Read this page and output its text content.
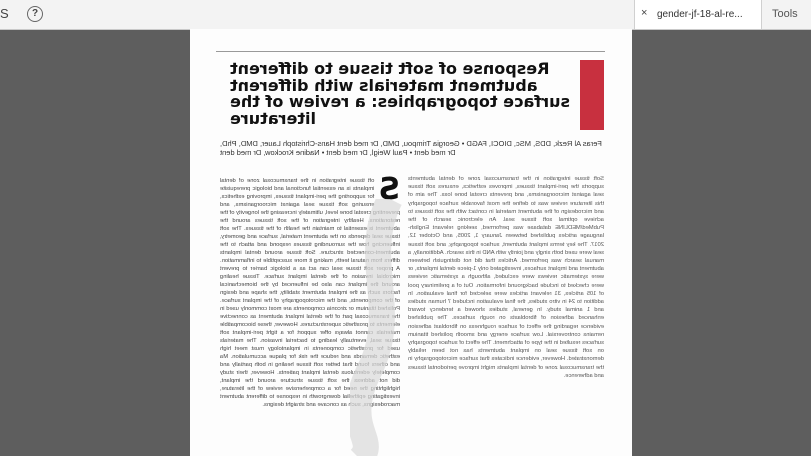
S	?	× gender-jf-18-al-re...	Tools
Response of soft tissue to different abutment materials with different surface topographies: a review of the literature
Feras Al Rezk, DDS, MSc, DIOCI, FAGD • Georgia Trimpou, DMD, Dr med dent Hans-Christoph Lauer, DMD, PhD, Dr med dent • Paul Weigl, Dr med dent • Nadine Krockow, Dr med dent
S
oft tissue integration in the transmucosal zone of dental implants is an essential functional and biologic prerequisite for supporting the peri-implant tissues, improving esthetics, ensuring soft tissue seal against microorganisms, and preventing crestal bone level, ultimately increasing the longevity of the restorations. Healthy integration of the soft tissues around the abutment is essential to maintain the health of the tissues. The soft tissue seal depends on the abutment material, surface and geometry, influencing how the surrounding tissues respond and attach to the abutment-connected structure. Soft tissue around dental implants differs from natural teeth, making it more susceptible to inflammation. A proper soft tissue seal can act as a biologic barrier to prevent microbial invasion of the dental implant surface. Tissue healing around the implant can also be influenced by the biomechanical factors such as the implant abutment stability, the shape and design of the components, and the microtopography of the implant surface. Polished titanium or zirconia components are most commonly used in the transmucosal part of the dental implant abutment as connective elements to prosthetic superstructures. However, these biocompatible materials cannot always offer support for a tight peri-implant soft tissue seal, eventually leading to bacterial invasion. The materials used for prosthetic components in implantology must meet high esthetic demands and reduce the risk for plaque accumulation. Ma and others found that better soft tissue healing in both partially and completely edentulous dental implant patients. However, their study did not address the soft tissue structure around the implant, highlighting the need for a comprehensive review of the literature, investigating epithelial downgrowth in response to different abutment macrodesigns, such as concave and straight designs.
Soft tissue integration in the transmucosal zone of dental abutments supports the peri-implant tissues, improves esthetics, ensures soft tissue seal against microorganisms, and prevents crestal bone loss. The aim of this literature review was to define the most favorable surface topography and microdesign of the abutment material in contact with the soft tissues to achieve optimal soft tissue seal. An electronic search of the PubMed/MEDLINE database was performed, seeking relevant English-language articles published between January 1, 2005, and October 12, 2017. The key terms implant abutment, surface topography, and soft tissue seal were used both singly and jointly with AND in this search. Additionally, a manual search was performed. Articles that did not distinguish between abutment and implant surfaces, investigated only 1-piece dental implants, or were systematic reviews were excluded, although a systematic reviews were checked to include background information. Out of a preliminary pool of 105 articles, 31 relevant articles were selected for final evaluation. In addition to 24 in vitro studies, the final evaluation included 7 human studies and 1 animal study. In general, studies showed a tendency toward enhanced adhesion of fibroblasts on rough surfaces. The published evidence regarding the effect of surface roughness on fibroblast adhesion remains controversial. Low surface energy and smooth polished titanium surfaces resulted in the type of attachment. The effect of surface topography on soft tissue seal on implant abutments has not been reliably demonstrated. However, evidence indicates that surface microtopography in the transmucosal zone of dental implants might improve periodontal tissues and adherence.
